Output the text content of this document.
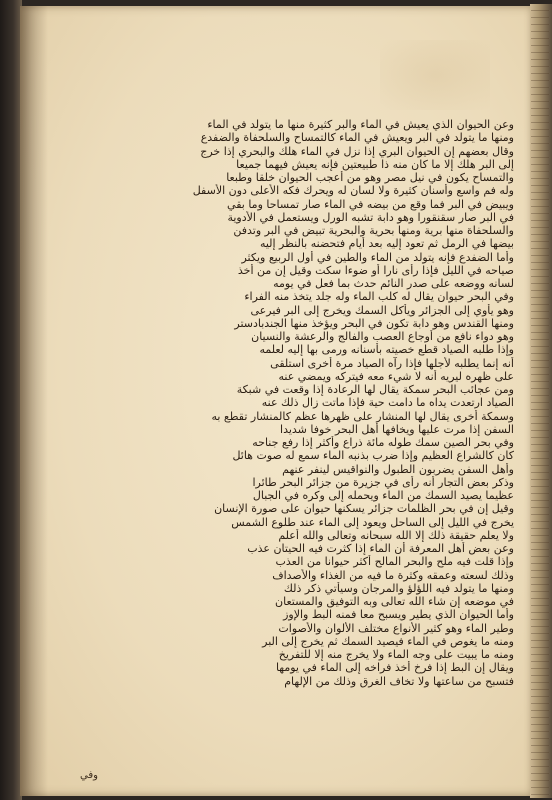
وعن الحيوان الذي يعيش في الماء والبر كثيرة منها ما يتولد في الماء
ومنها ما يتولد في البر ويعيش في الماء كالتمساح والسلحفاة والضفدع
وقال بعضهم إن الحيوان البري إذا نزل في الماء هلك والبحري إذا خرج
إلى البر هلك إلا ما كان منه ذا طبيعتين فإنه يعيش فيهما جميعا
والتمساح يكون في نيل مصر وهو من أعجب الحيوان خلقا وطبعا
وله فم واسع وأسنان كثيرة ولا لسان له ويحرك فكه الأعلى دون الأسفل
ويبيض في البر فما وقع من بيضه في الماء صار تمساحا وما بقي
في البر صار سقنقورا وهو دابة تشبه الورل ويستعمل في الأدوية
والسلحفاة منها برية ومنها بحرية والبحرية تبيض في البر وتدفن
بيضها في الرمل ثم تعود إليه بعد أيام فتحضنه بالنظر إليه
وأما الضفدع فإنه يتولد من الماء والطين في أول الربيع ويكثر
صياحه في الليل فإذا رأى نارا أو ضوءا سكت وقيل إن من أخذ
لسانه ووضعه على صدر النائم حدث بما فعل في يومه
وفي البحر حيوان يقال له كلب الماء وله جلد يتخذ منه الفراء
وهو يأوي إلى الجزائر ويأكل السمك ويخرج إلى البر فيرعى
ومنها القندس وهو دابة تكون في البحر ويؤخذ منها الجندبادستر
وهو دواء نافع من أوجاع العصب والفالج والرعشة والنسيان
وإذا طلبه الصياد قطع خصيته بأسنانه ورمى بها إليه لعلمه
أنه إنما يطلبه لأجلها فإذا رآه الصياد مرة أخرى استلقى
على ظهره ليريه أنه لا شيء معه فيتركه ويمضي عنه
ومن عجائب البحر سمكة يقال لها الرعادة إذا وقعت في شبكة
الصياد ارتعدت يداه ما دامت حية فإذا ماتت زال ذلك عنه
وسمكة أخرى يقال لها المنشار على ظهرها عظم كالمنشار تقطع به
السفن إذا مرت عليها ويخافها أهل البحر خوفا شديدا
وفي بحر الصين سمك طوله مائة ذراع وأكثر إذا رفع جناحه
كان كالشراع العظيم وإذا ضرب بذنبه الماء سمع له صوت هائل
وأهل السفن يضربون الطبول والنواقيس لينفر عنهم
وذكر بعض التجار أنه رأى في جزيرة من جزائر البحر طائرا
عظيما يصيد السمك من الماء ويحمله إلى وكره في الجبال
وقيل إن في بحر الظلمات جزائر يسكنها حيوان على صورة الإنسان
يخرج في الليل إلى الساحل ويعود إلى الماء عند طلوع الشمس
ولا يعلم حقيقة ذلك إلا الله سبحانه وتعالى والله أعلم
وعن بعض أهل المعرفة أن الماء إذا كثرت فيه الحيتان عذب
وإذا قلت فيه ملح والبحر المالح أكثر حيوانا من العذب
وذلك لسعته وعمقه وكثرة ما فيه من الغذاء والأصداف
ومنها ما يتولد فيه اللؤلؤ والمرجان وسيأتي ذكر ذلك
في موضعه إن شاء الله تعالى وبه التوفيق والمستعان
وأما الحيوان الذي يطير ويسبح معا فمنه البط والإوز
وطير الماء وهو كثير الأنواع مختلف الألوان والأصوات
ومنه ما يغوص في الماء فيصيد السمك ثم يخرج إلى البر
ومنه ما يبيت على وجه الماء ولا يخرج منه إلا للتفريخ
ويقال إن البط إذا فرخ أخذ فراخه إلى الماء في يومها
فتسبح من ساعتها ولا تخاف الغرق وذلك من الإلهام
وفي
